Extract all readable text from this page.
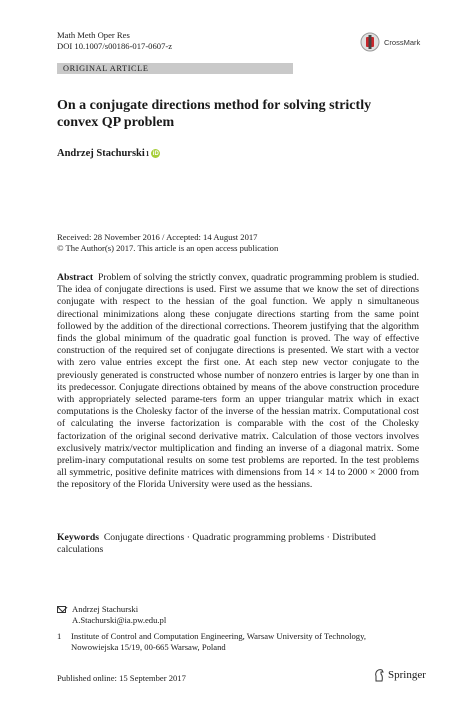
Math Meth Oper Res
DOI 10.1007/s00186-017-0607-z	CrossMark
ORIGINAL ARTICLE
On a conjugate directions method for solving strictly
convex QP problem
Andrzej Stachurski 1 iD
Received: 28 November 2016 / Accepted: 14 August 2017
© The Author(s) 2017. This article is an open access publication
Abstract Problem of solving the strictly convex, quadratic programming problem is studied. The idea of conjugate directions is used. First we assume that we know the set of directions conjugate with respect to the hessian of the goal function. We apply n simultaneous directional minimizations along these conjugate directions starting from the same point followed by the addition of the directional corrections. Theorem justifying that the algorithm finds the global minimum of the quadratic goal function is proved. The way of effective construction of the required set of conjugate directions is presented. We start with a vector with zero value entries except the first one. At each step new vector conjugate to the previously generated is constructed whose number of nonzero entries is larger by one than in its predecessor. Conjugate directions obtained by means of the above construction procedure with appropriately selected parame-ters form an upper triangular matrix which in exact computations is the Cholesky factor of the inverse of the hessian matrix. Computational cost of calculating the inverse factorization is comparable with the cost of the Cholesky factorization of the original second derivative matrix. Calculation of those vectors involves exclusively matrix/vector multiplication and finding an inverse of a diagonal matrix. Some prelim-inary computational results on some test problems are reported. In the test problems all symmetric, positive definite matrices with dimensions from 14 × 14 to 2000 × 2000 from the repository of the Florida University were used as the hessians.
Keywords Conjugate directions · Quadratic programming problems · Distributed calculations
Andrzej Stachurski
A.Stachurski@ia.pw.edu.pl
1 Institute of Control and Computation Engineering, Warsaw University of Technology,
Nowowiejska 15/19, 00-665 Warsaw, Poland
Published online: 15 September 2017	Springer
